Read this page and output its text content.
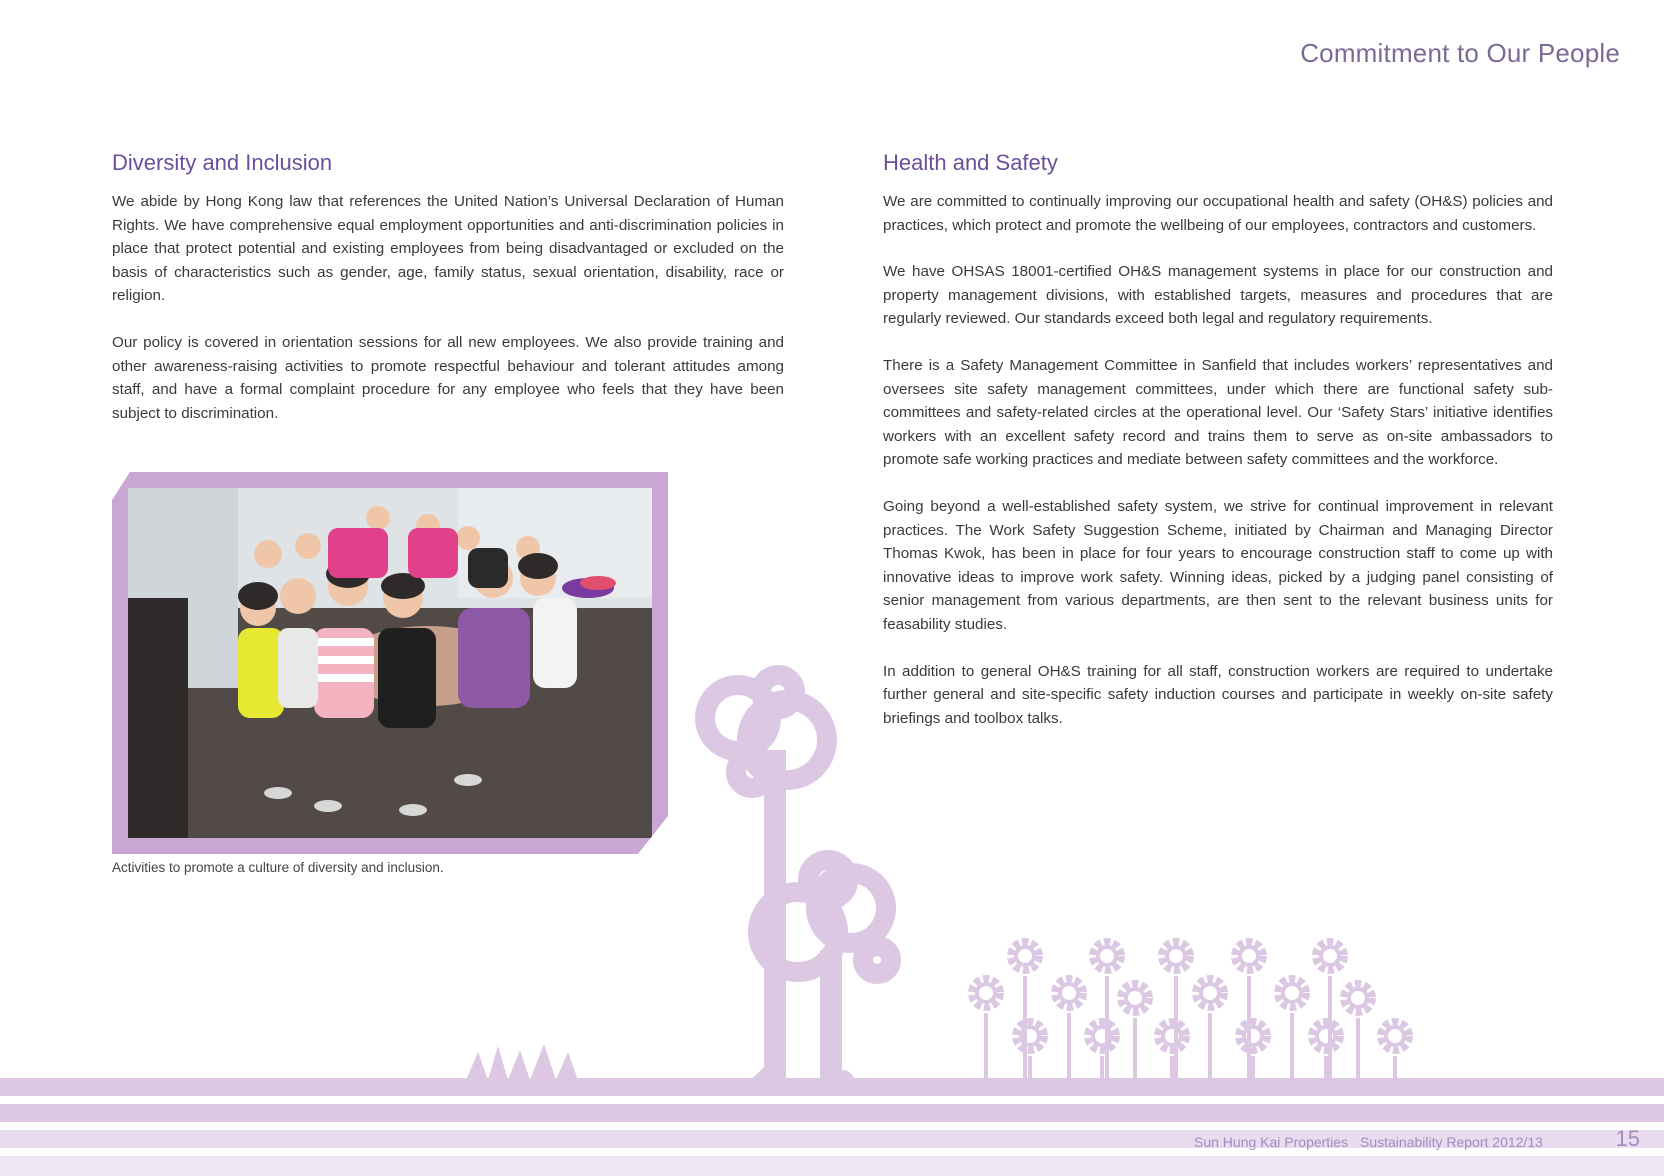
Commitment to Our People
Diversity and Inclusion

We abide by Hong Kong law that references the United Nation’s Universal Declaration of Human Rights. We have comprehensive equal employment opportunities and anti-discrimination policies in place that protect potential and existing employees from being disadvantaged or excluded on the basis of characteristics such as gender, age, family status, sexual orientation, disability, race or religion.

Our policy is covered in orientation sessions for all new employees. We also provide training and other awareness-raising activities to promote respectful behaviour and tolerant attitudes among staff, and have a formal complaint procedure for any employee who feels that they have been subject to discrimination.

Health and Safety

We are committed to continually improving our occupational health and safety (OH&S) policies and practices, which protect and promote the wellbeing of our employees, contractors and customers.

We have OHSAS 18001-certified OH&S management systems in place for our construction and property management divisions, with established targets, measures and procedures that are regularly reviewed. Our standards exceed both legal and regulatory requirements.

There is a Safety Management Committee in Sanfield that includes workers’ representatives and oversees site safety management committees, under which there are functional safety sub-committees and safety-related circles at the operational level. Our ‘Safety Stars’ initiative identifies workers with an excellent safety record and trains them to serve as on-site ambassadors to promote safe working practices and mediate between safety committees and the workforce.

Going beyond a well-established safety system, we strive for continual improvement in relevant practices. The Work Safety Suggestion Scheme, initiated by Chairman and Managing Director Thomas Kwok, has been in place for four years to encourage construction staff to come up with innovative ideas to improve work safety. Winning ideas, picked by a judging panel consisting of senior management from various departments, are then sent to the relevant business units for feasability studies.

In addition to general OH&S training for all staff, construction workers are required to undertake further general and site-specific safety induction courses and participate in weekly on-site safety briefings and toolbox talks.

Activities to promote a culture of diversity and inclusion.
Sun Hung Kai Properties Sustainability Report 2012/13	15
